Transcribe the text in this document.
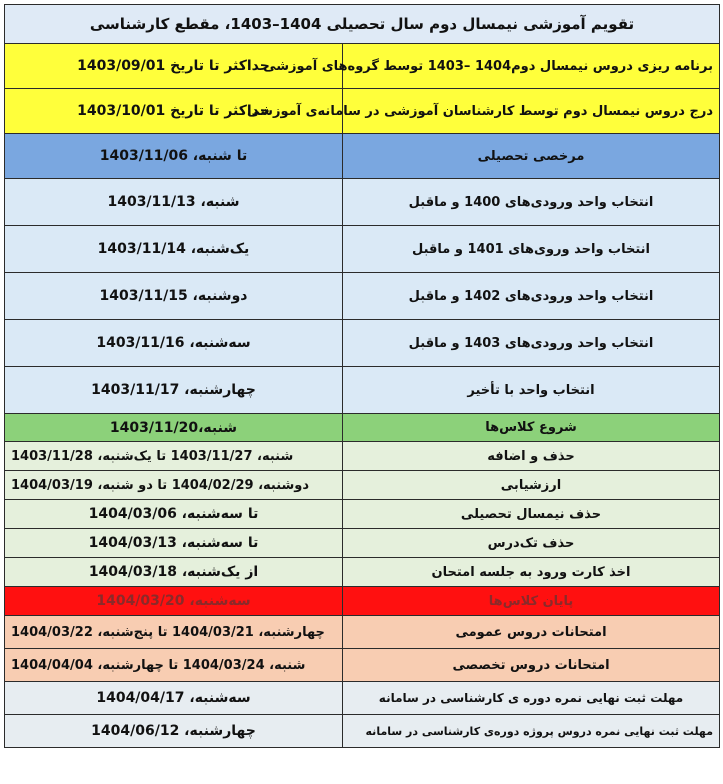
تقویم آموزشی نیمسال دوم سال تحصیلی 1404–1403، مقطع کارشناسی	
حداکثر تا تاریخ 1403/09/01	برنامه ریزی دروس نیمسال دوم1404 –1403 توسط گروه‌های آموزشی
حداکثر تا تاریخ 1403/10/01	درج دروس نیمسال دوم توسط کارشناسان آموزشی در سامانه‌ی آموزشی
تا شنبه، 1403/11/06	مرخصی تحصیلی
شنبه، 1403/11/13	انتخاب واحد ورودی‌های 1400 و ماقبل
یک‌شنبه، 1403/11/14	انتخاب واحد وروی‌های 1401 و ماقبل
دوشنبه، 1403/11/15	انتخاب واحد ورودی‌های 1402 و ماقبل
سه‌شنبه، 1403/11/16	انتخاب واحد ورودی‌های 1403 و ماقبل
چهارشنبه، 1403/11/17	انتخاب واحد با تأخیر
شنبه،1403/11/20	شروع کلاس‌ها
شنبه، 1403/11/27 تا یک‌شنبه، 1403/11/28	حذف و اضافه
دوشنبه، 1404/02/29 تا دو شنبه، 1404/03/19	ارزشیابی
تا سه‌شنبه، 1404/03/06	حذف نیمسال تحصیلی
تا سه‌شنبه، 1404/03/13	حذف تک‌درس
از یک‌شنبه، 1404/03/18	اخذ کارت ورود به جلسه امتحان
سه‌شنبه، 1404/03/20	پایان کلاس‌ها
چهارشنبه، 1404/03/21 تا پنج‌شنبه، 1404/03/22	امتحانات دروس عمومی
شنبه، 1404/03/24 تا چهارشنبه، 1404/04/04	امتحانات دروس تخصصی
سه‌شنبه، 1404/04/17	مهلت ثبت نهایی نمره دوره ی کارشناسی در سامانه
چهارشنبه، 1404/06/12	مهلت ثبت نهایی نمره دروس پروژه دوره‌ی کارشناسی در سامانه
